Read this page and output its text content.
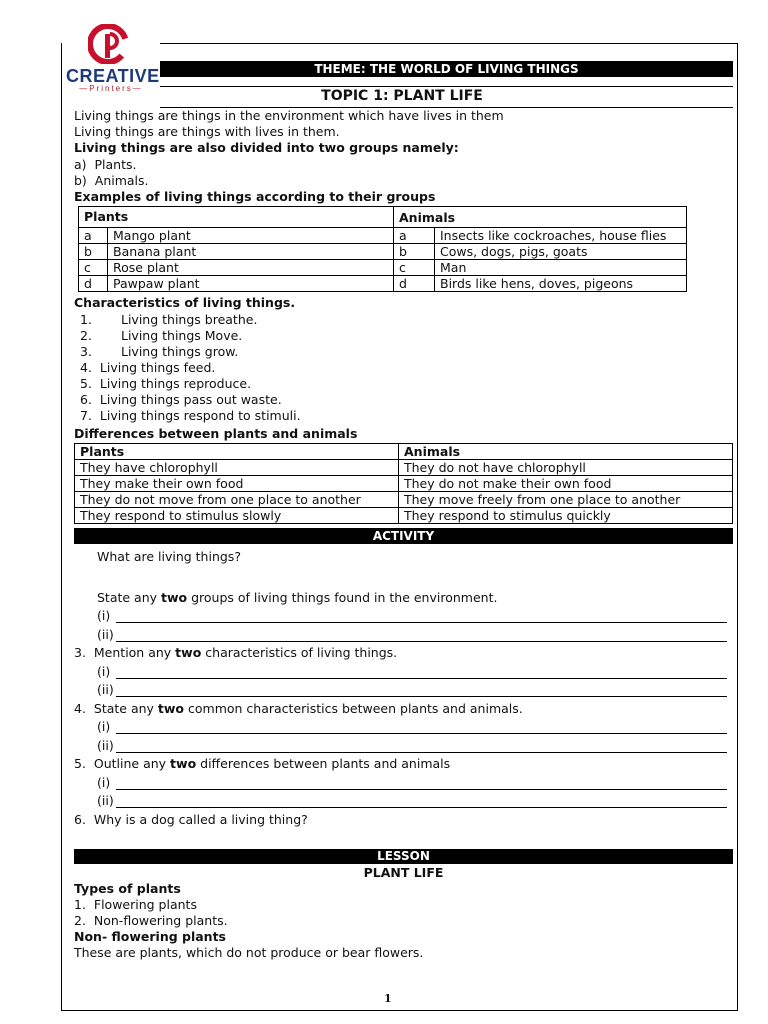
CREATIVE
—Printers—
THEME: THE WORLD OF LIVING THINGS
TOPIC 1: PLANT LIFE
Living things are things in the environment which have lives in them
Living things are things with lives in them.
Living things are also divided into two groups namely:
a) Plants.
b) Animals.
Examples of living things according to their groups
Plants		Animals	
a	Mango plant	a	Insects like cockroaches, house flies
b	Banana plant	b	Cows, dogs, pigs, goats
c	Rose plant	c	Man
d	Pawpaw plant	d	Birds like hens, doves, pigeons
Characteristics of living things.
1. Living things breathe.
2. Living things Move.
3. Living things grow.
4. Living things feed.
5. Living things reproduce.
6. Living things pass out waste.
7. Living things respond to stimuli.
Differences between plants and animals
Plants	Animals
They have chlorophyll	They do not have chlorophyll
They make their own food	They do not make their own food
They do not move from one place to another	They move freely from one place to another
They respond to stimulus slowly	They respond to stimulus quickly
ACTIVITY
What are living things?
State any two groups of living things found in the environment.
(i)
(ii)
3. Mention any two characteristics of living things.
(i)
(ii)
4. State any two common characteristics between plants and animals.
(i)
(ii)
5. Outline any two differences between plants and animals
(i)
(ii)
6. Why is a dog called a living thing?
LESSON
PLANT LIFE
Types of plants
1. Flowering plants
2. Non-flowering plants.
Non- flowering plants
These are plants, which do not produce or bear flowers.
1
